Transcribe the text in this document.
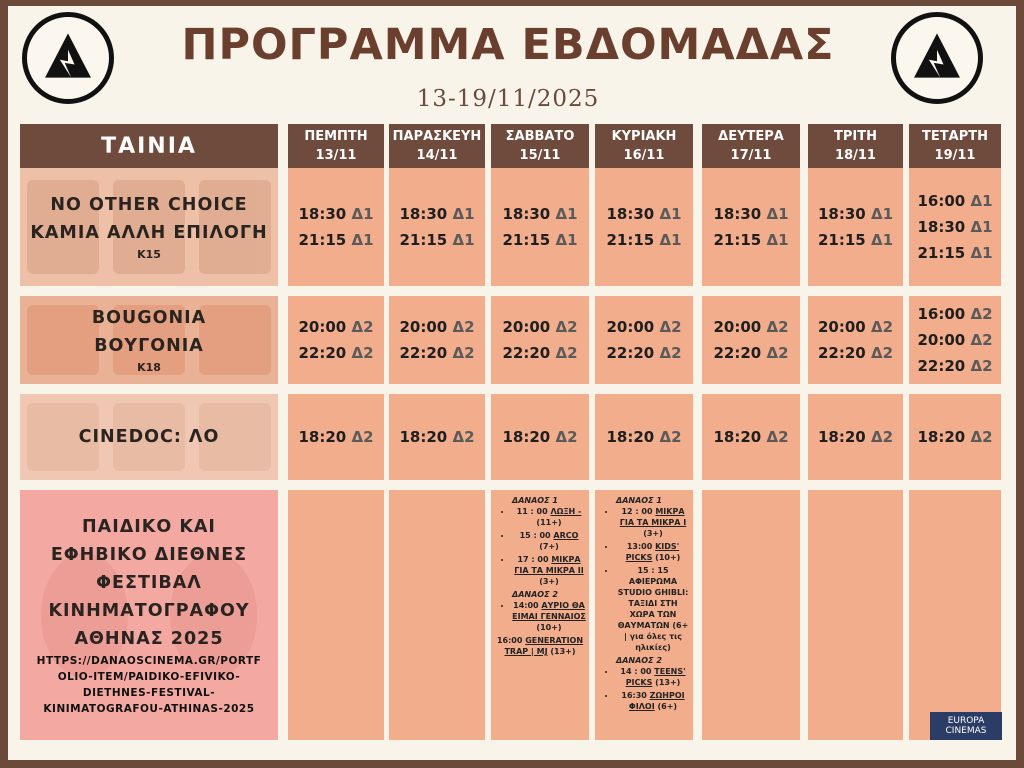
ΠΡΟΓΡΑΜΜΑ ΕΒΔΟΜΑΔΑΣ
13-19/11/2025
ΤΑΙΝΙΑ	ΠΕΜΠΤΗ
13/11
ΠΑΡΑΣΚΕΥΗ
14/11
ΣΑΒΒΑΤΟ
15/11
ΚΥΡΙΑΚΗ
16/11
ΔΕΥΤΕΡΑ
17/11
ΤΡΙΤΗ
18/11
ΤΕΤΑΡΤΗ
19/11
NO OTHER CHOICE
ΚΑΜΙΑ ΑΛΛΗ ΕΠΙΛΟΓΗ
K15
18:30 Δ1
21:15 Δ1
18:30 Δ1
21:15 Δ1
18:30 Δ1
21:15 Δ1
18:30 Δ1
21:15 Δ1
18:30 Δ1
21:15 Δ1
18:30 Δ1
21:15 Δ1
16:00 Δ1
18:30 Δ1
21:15 Δ1
BOUGONIA
ΒΟΥΓΟΝΙΑ
K18
20:00 Δ2
22:20 Δ2
20:00 Δ2
22:20 Δ2
20:00 Δ2
22:20 Δ2
20:00 Δ2
22:20 Δ2
20:00 Δ2
22:20 Δ2
20:00 Δ2
22:20 Δ2
16:00 Δ2
20:00 Δ2
22:20 Δ2
CINEDOC: ΛΟ	18:20 Δ2 18:20 Δ2 18:20 Δ2 18:20 Δ2 18:20 Δ2 18:20 Δ2 18:20 Δ2
ΠΑΙΔΙΚΟ ΚΑΙ
ΕΦΗΒΙΚΟ ΔΙΕΘΝΕΣ
ΦΕΣΤΙΒΑΛ
ΚΙΝΗΜΑΤΟΓΡΑΦΟΥ
ΑΘΗΝΑΣ 2025
HTTPS://DANAOSCINEMA.GR/PORTF
OLIO-ITEM/PAIDIKO-EFIVIKO-
DIETHNES-FESTIVAL-
KINIMATOGRAFOU-ATHINAS-2025
ΔΑΝΑΟΣ 1
• 11 : 00 ΛΩΞΗ - (11+)
• 15 : 00 ARCO (7+)
• 17 : 00 ΜΙΚΡΑ ΓΙΑ ΤΑ ΜΙΚΡΑ ΙΙ (3+)
ΔΑΝΑΟΣ 2
• 14:00 ΑΥΡΙΟ ΘΑ ΕΙΜΑΙ ΓΕΝΝΑΙΟΣ (10+)
16:00 GENERATION TRAP | MJ (13+)
ΔΑΝΑΟΣ 1
• 12 : 00 ΜΙΚΡΑ ΓΙΑ ΤΑ ΜΙΚΡΑ Ι (3+)
• 13:00 KIDS' PICKS (10+)
• 15 : 15 ΑΦΙΕΡΩΜΑ STUDIO GHIBLI: ΤΑΞΙΔΙ ΣΤΗ ΧΩΡΑ ΤΩΝ ΘΑΥΜΑΤΩΝ (6+ | για όλες τις ηλικίες)
ΔΑΝΑΟΣ 2
• 14 : 00 TEENS' PICKS (13+)
• 16:30 ΖΩΗΡΟΙ ΦΙΛΟΙ (6+)
EUROPA
CINEMAS
